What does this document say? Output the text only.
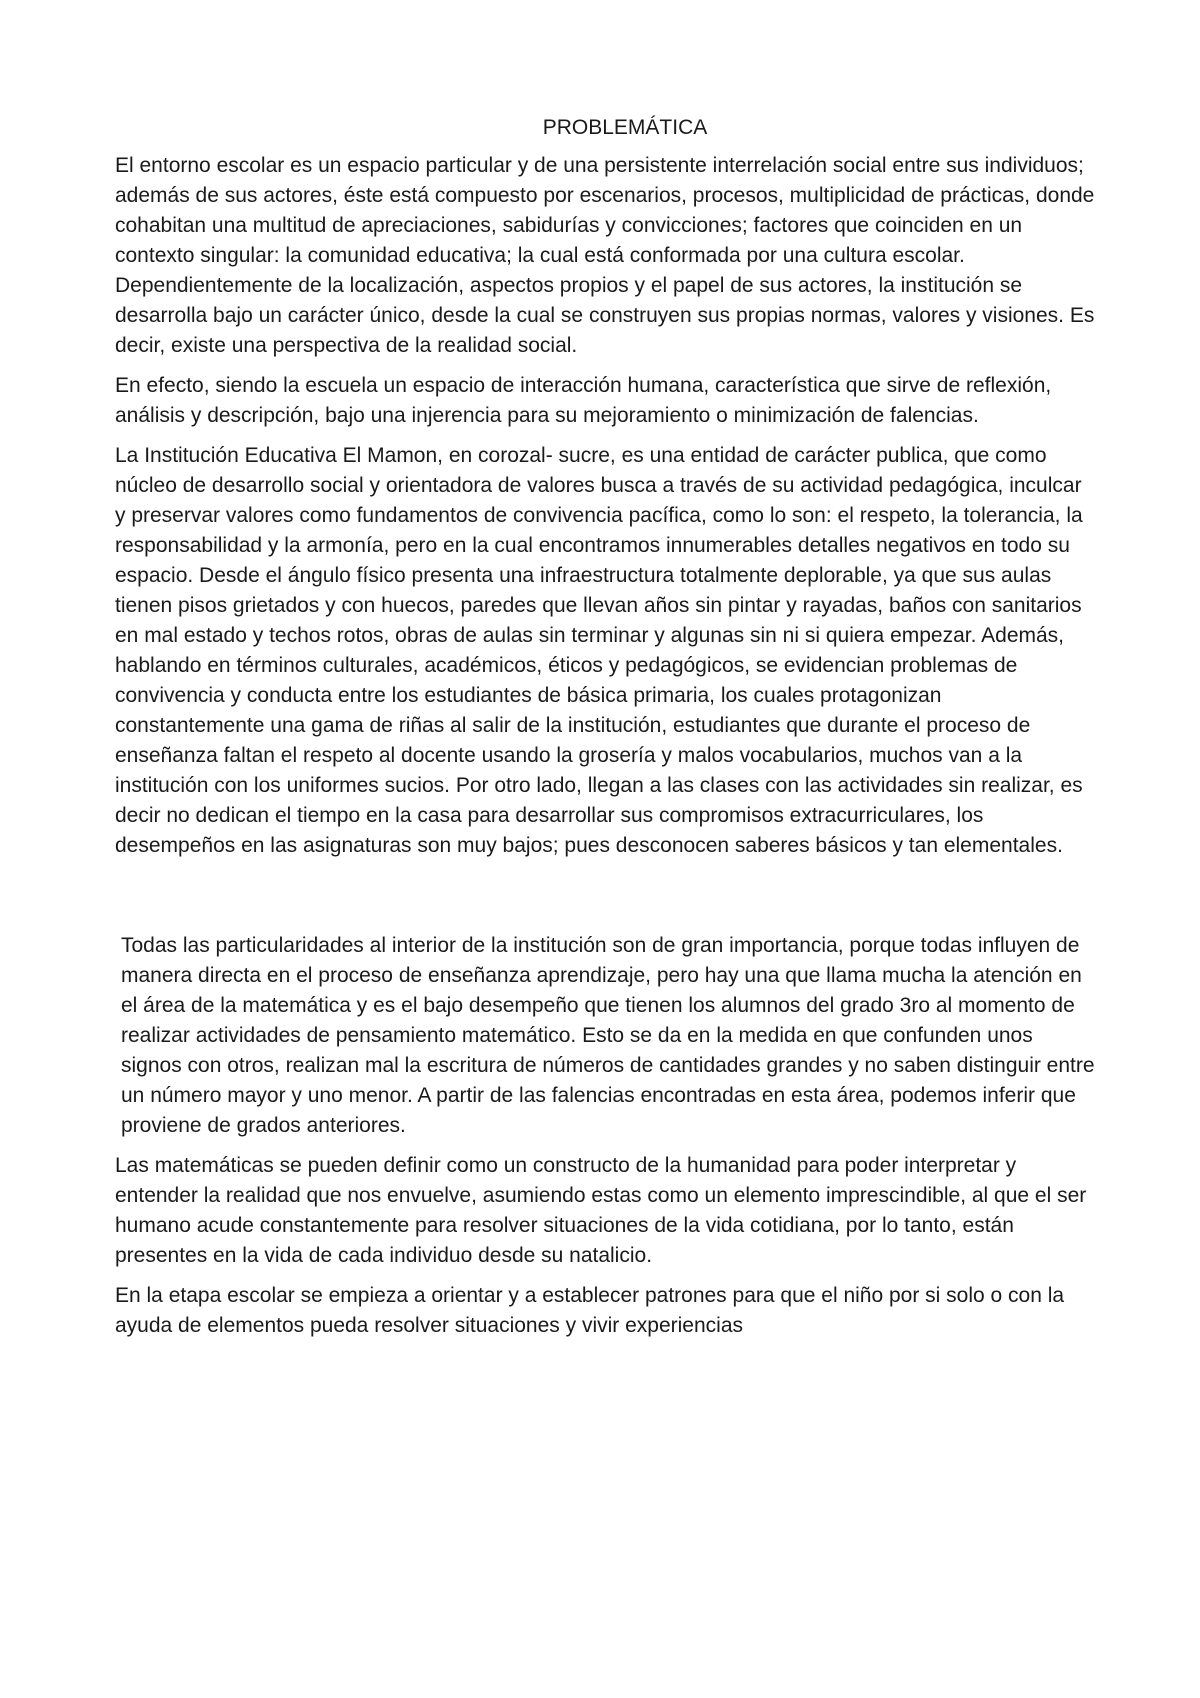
PROBLEMÁTICA

El entorno escolar es un espacio particular y de una persistente interrelación social entre sus individuos; además de sus actores, éste está compuesto por escenarios, procesos, multiplicidad de prácticas, donde cohabitan una multitud de apreciaciones, sabidurías y convicciones; factores que coinciden en un contexto singular: la comunidad educativa; la cual está conformada por una cultura escolar. Dependientemente de la localización, aspectos propios y el papel de sus actores, la institución se desarrolla bajo un carácter único, desde la cual se construyen sus propias normas, valores y visiones. Es decir, existe una perspectiva de la realidad social.

En efecto, siendo la escuela un espacio de interacción humana, característica que sirve de reflexión, análisis y descripción, bajo una injerencia para su mejoramiento o minimización de falencias.

La Institución Educativa El Mamon, en corozal- sucre, es una entidad de carácter publica, que como núcleo de desarrollo social y orientadora de valores busca a través de su actividad pedagógica, inculcar y preservar valores como fundamentos de convivencia pacífica, como lo son: el respeto, la tolerancia, la responsabilidad y la armonía, pero en la cual encontramos innumerables detalles negativos en todo su espacio. Desde el ángulo físico presenta una infraestructura totalmente deplorable, ya que sus aulas tienen pisos grietados y con huecos, paredes que llevan años sin pintar y rayadas, baños con sanitarios en mal estado y techos rotos, obras de aulas sin terminar y algunas sin ni si quiera empezar. Además, hablando en términos culturales, académicos, éticos y pedagógicos, se evidencian problemas de convivencia y conducta entre los estudiantes de básica primaria, los cuales protagonizan constantemente una gama de riñas al salir de la institución, estudiantes que durante el proceso de enseñanza faltan el respeto al docente usando la grosería y malos vocabularios, muchos van a la institución con los uniformes sucios. Por otro lado, llegan a las clases con las actividades sin realizar, es decir no dedican el tiempo en la casa para desarrollar sus compromisos extracurriculares, los desempeños en las asignaturas son muy bajos; pues desconocen saberes básicos y tan elementales.

Todas las particularidades al interior de la institución son de gran importancia, porque todas influyen de manera directa en el proceso de enseñanza aprendizaje, pero hay una que llama mucha la atención en el área de la matemática y es el bajo desempeño que tienen los alumnos del grado 3ro al momento de realizar actividades de pensamiento matemático. Esto se da en la medida en que confunden unos signos con otros, realizan mal la escritura de números de cantidades grandes y no saben distinguir entre un número mayor y uno menor. A partir de las falencias encontradas en esta área, podemos inferir que proviene de grados anteriores.

Las matemáticas se pueden definir como un constructo de la humanidad para poder interpretar y entender la realidad que nos envuelve, asumiendo estas como un elemento imprescindible, al que el ser humano acude constantemente para resolver situaciones de la vida cotidiana, por lo tanto, están presentes en la vida de cada individuo desde su natalicio.

En la etapa escolar se empieza a orientar y a establecer patrones para que el niño por si solo o con la ayuda de elementos pueda resolver situaciones y vivir experiencias
